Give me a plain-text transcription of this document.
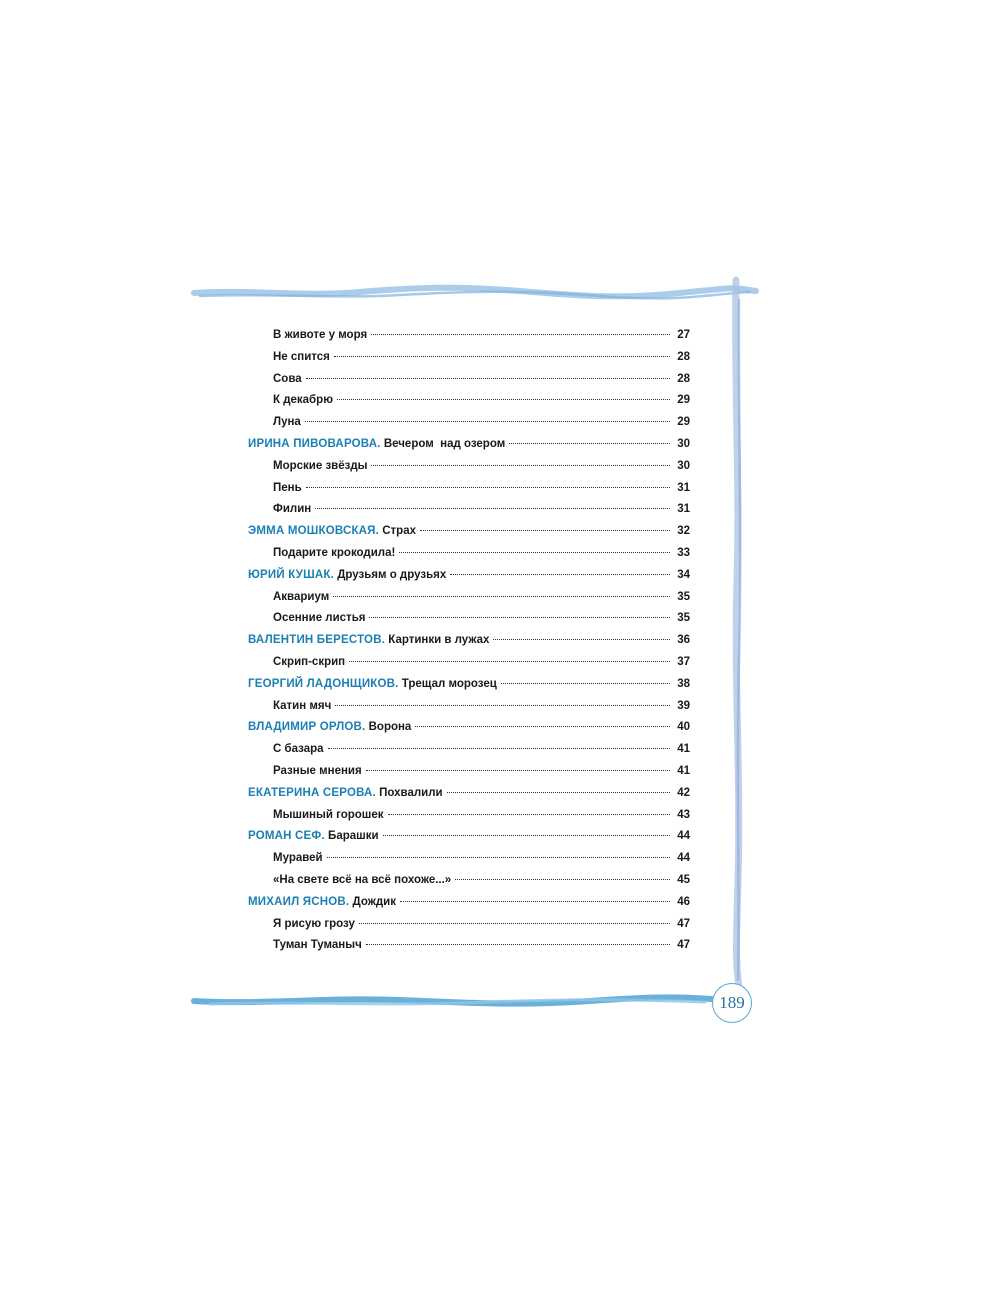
В животе у моря	27
Не спится	28
Сова	28
К декабрю	29
Луна	29
ИРИНА ПИВОВАРОВА.
Вечером  над озером	30
Морские звёзды	30
Пень	31
Филин	31
ЭММА МОШКОВСКАЯ.
Страх	32
Подарите крокодила!	33
ЮРИЙ КУШАК.
Друзьям о друзьях	34
Аквариум	35
Осенние листья	35
ВАЛЕНТИН БЕРЕСТОВ.
Картинки в лужах	36
Скрип-скрип	37
ГЕОРГИЙ ЛАДОНЩИКОВ.
Трещал морозец	38
Катин мяч	39
ВЛАДИМИР ОРЛОВ.
Ворона	40
С базара	41
Разные мнения	41
ЕКАТЕРИНА СЕРОВА.
Похвалили	42
Мышиный горошек	43
РОМАН СЕФ.
Барашки	44
Муравей	44
«На свете всё на всё похоже...»	45
МИХАИЛ ЯСНОВ.
Дождик	46
Я рисую грозу	47
Туман Туманыч	47
189
